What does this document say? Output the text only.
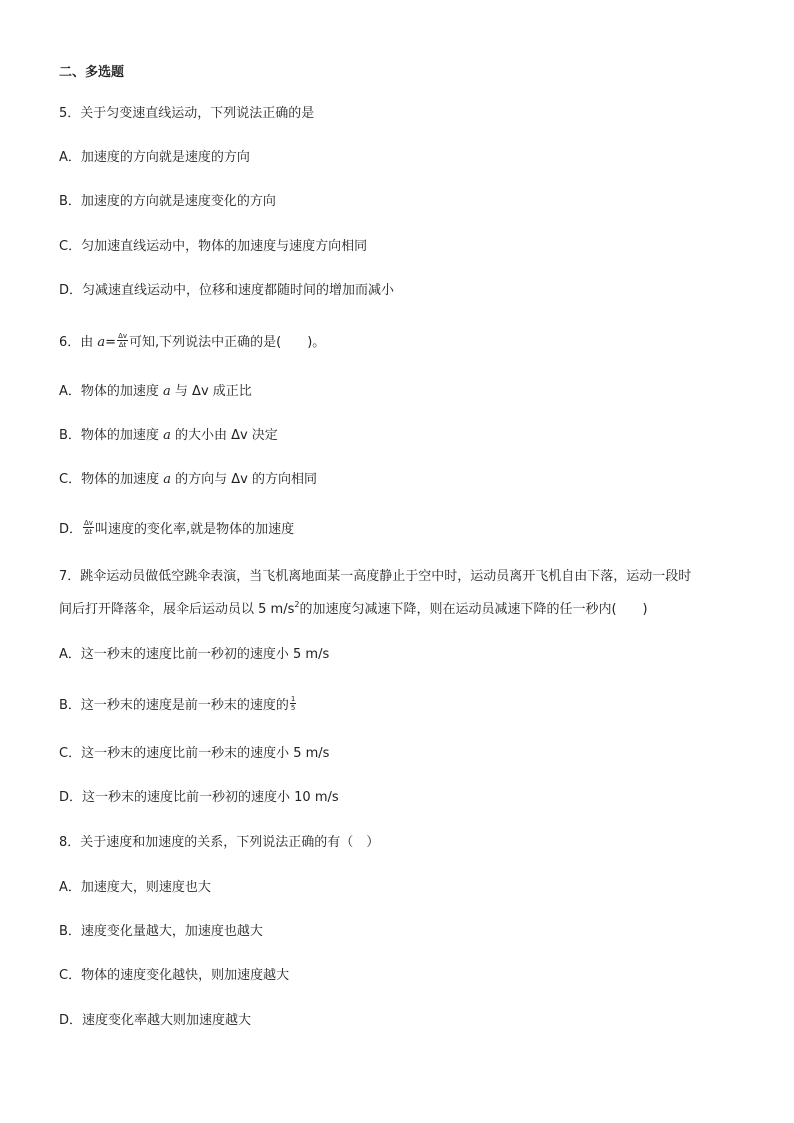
二、多选题
5．关于匀变速直线运动，下列说法正确的是
A．加速度的方向就是速度的方向
B．加速度的方向就是速度变化的方向
C．匀加速直线运动中，物体的加速度与速度方向相同
D．匀减速直线运动中，位移和速度都随时间的增加而减小
6．由 $a= \frac{\Delta v}{\Delta t}$ 可知,下列说法中正确的是(　　)。
A．物体的加速度 a 与 Δv 成正比
B．物体的加速度 a 的大小由 Δv 决定
C．物体的加速度 a 的方向与 Δv 的方向相同
D． $\frac{\Delta v}{\Delta t}$ 叫速度的变化率,就是物体的加速度
7．跳伞运动员做低空跳伞表演，当飞机离地面某一高度静止于空中时，运动员离开飞机自由下落，运动一段时
间后打开降落伞，展伞后运动员以 5 $m/s^2$的加速度匀减速下降，则在运动员减速下降的任一秒内(　　)
A．这一秒末的速度比前一秒初的速度小 5 m/s
B．这一秒末的速度是前一秒末的速度的 $\frac{1}{5}$
C．这一秒末的速度比前一秒末的速度小 5 m/s
D．这一秒末的速度比前一秒初的速度小 10 m/s
8．关于速度和加速度的关系，下列说法正确的有（　）
A．加速度大，则速度也大
B．速度变化量越大，加速度也越大
C．物体的速度变化越快，则加速度越大
D．速度变化率越大则加速度越大
